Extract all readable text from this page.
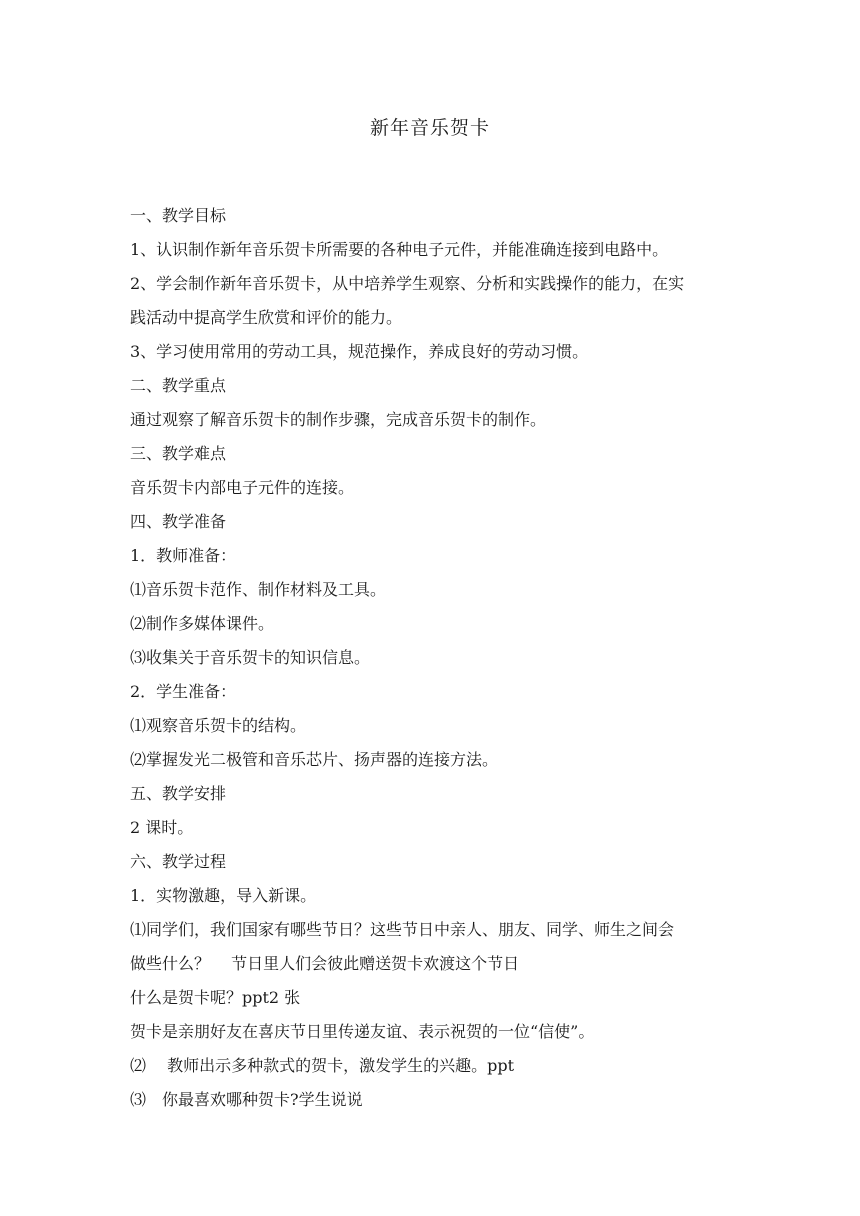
新年音乐贺卡
一、教学目标
1、认识制作新年音乐贺卡所需要的各种电子元件，并能准确连接到电路中。
2、学会制作新年音乐贺卡，从中培养学生观察、分析和实践操作的能力，在实
践活动中提高学生欣赏和评价的能力。
3、学习使用常用的劳动工具，规范操作，养成良好的劳动习惯。
二、教学重点
通过观察了解音乐贺卡的制作步骤，完成音乐贺卡的制作。
三、教学难点
音乐贺卡内部电子元件的连接。
四、教学准备
1．教师准备：
⑴音乐贺卡范作、制作材料及工具。
⑵制作多媒体课件。
⑶收集关于音乐贺卡的知识信息。
2．学生准备：
⑴观察音乐贺卡的结构。
⑵掌握发光二极管和音乐芯片、扬声器的连接方法。
五、教学安排
2 课时。
六、教学过程
1．实物激趣，导入新课。
⑴同学们，我们国家有哪些节日？这些节日中亲人、朋友、同学、师生之间会
做些什么？　 节日里人们会彼此赠送贺卡欢渡这个节日
什么是贺卡呢？ppt2 张
贺卡是亲朋好友在喜庆节日里传递友谊、表示祝贺的一位“信使”。
⑵　 教师出示多种款式的贺卡，激发学生的兴趣。ppt
⑶　你最喜欢哪种贺卡?学生说说
